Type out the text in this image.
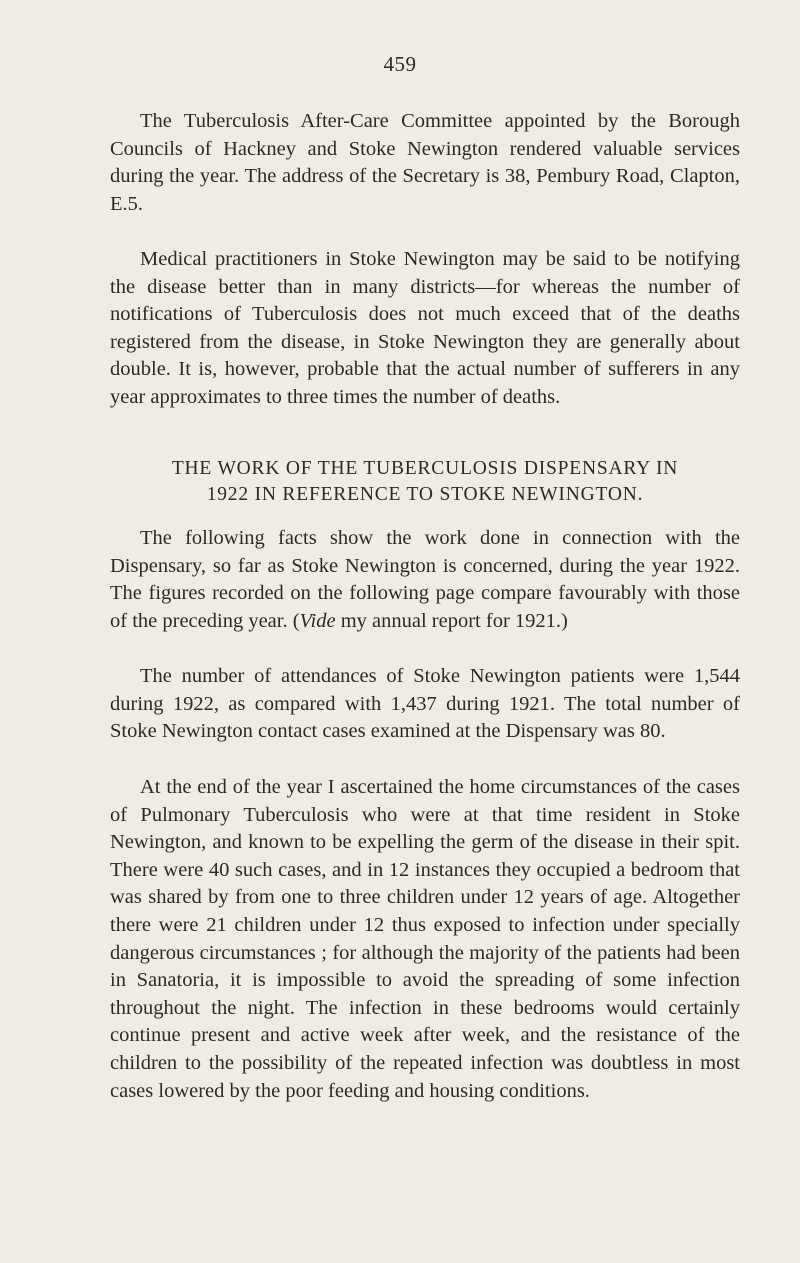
459

The Tuberculosis After-Care Committee appointed by the Borough Councils of Hackney and Stoke Newington rendered valuable services during the year. The address of the Secretary is 38, Pembury Road, Clapton, E.5.

Medical practitioners in Stoke Newington may be said to be notifying the disease better than in many districts—for whereas the number of notifications of Tuberculosis does not much exceed that of the deaths registered from the disease, in Stoke Newington they are generally about double. It is, however, probable that the actual number of sufferers in any year approximates to three times the number of deaths.

THE WORK OF THE TUBERCULOSIS DISPENSARY IN

1922 IN REFERENCE TO STOKE NEWINGTON.

The following facts show the work done in connection with the Dispensary, so far as Stoke Newington is concerned, during the year 1922. The figures recorded on the following page compare favourably with those of the preceding year. (Vide my annual report for 1921.)

The number of attendances of Stoke Newington patients were 1,544 during 1922, as compared with 1,437 during 1921. The total number of Stoke Newington contact cases examined at the Dispensary was 80.

At the end of the year I ascertained the home circumstances of the cases of Pulmonary Tuberculosis who were at that time resident in Stoke Newington, and known to be expelling the germ of the disease in their spit. There were 40 such cases, and in 12 instances they occupied a bedroom that was shared by from one to three children under 12 years of age. Altogether there were 21 children under 12 thus exposed to infection under specially dangerous circumstances ; for although the majority of the patients had been in Sanatoria, it is impossible to avoid the spreading of some infection throughout the night. The infection in these bedrooms would certainly continue present and active week after week, and the resistance of the children to the possibility of the repeated infection was doubtless in most cases lowered by the poor feeding and housing conditions.
